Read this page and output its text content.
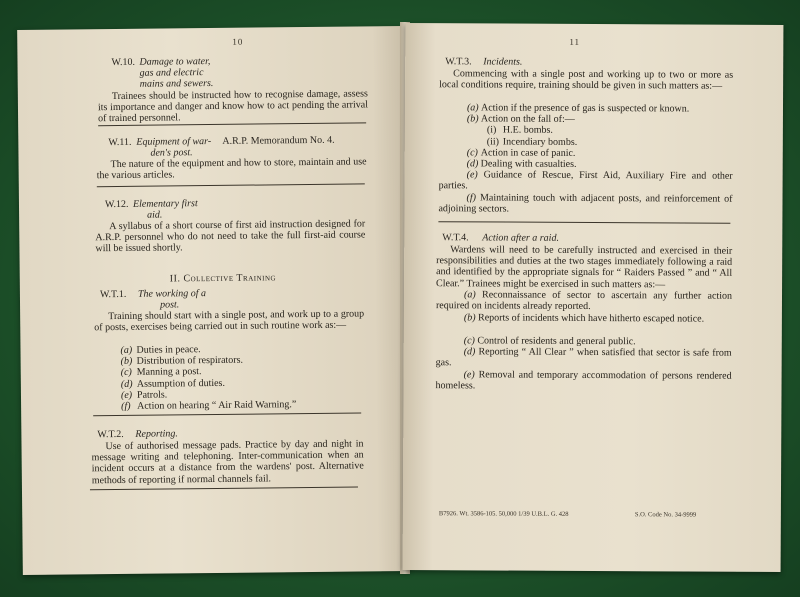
10
W.10. Damage to water,
gas and electric
mains and sewers.
Trainees should be instructed how to recognise damage, assess its importance and danger and know how to act pending the arrival of trained personnel.
W.11. Equipment of war-
den's post.
A.R.P. Memorandum No. 4.
The nature of the equipment and how to store, maintain and use the various articles.
W.12. Elementary first
aid.
A syllabus of a short course of first aid instruction designed for A.R.P. personnel who do not need to take the full first-aid course will be issued shortly.
II. Collective Training
W.T.1. The working of a
post.
Training should start with a single post, and work up to a group of posts, exercises being carried out in such routine work as:—
(a) Duties in peace.
(b) Distribution of respirators.
(c) Manning a post.
(d) Assumption of duties.
(e) Patrols.
(f) Action on hearing “ Air Raid Warning.”
W.T.2. Reporting.
Use of authorised message pads. Practice by day and night in message writing and telephoning. Inter-communication when an incident occurs at a distance from the wardens' post. Alternative methods of reporting if normal channels fail.
11
W.T.3. Incidents.
Commencing with a single post and working up to two or more as local conditions require, training should be given in such matters as:—
(a) Action if the presence of gas is suspected or known.
(b) Action on the fall of:—
(i) H.E. bombs.
(ii) Incendiary bombs.
(c) Action in case of panic.
(d) Dealing with casualties.
(e) Guidance of Rescue, First Aid, Auxiliary Fire and other parties.
(f) Maintaining touch with adjacent posts, and reinforcement of adjoining sectors.
W.T.4. Action after a raid.
Wardens will need to be carefully instructed and exercised in their responsibilities and duties at the two stages immediately following a raid and identified by the appropriate signals for “ Raiders Passed ” and “ All Clear.” Trainees might be exercised in such matters as:—
(a) Reconnaissance of sector to ascertain any further action required on incidents already reported.
(b) Reports of incidents which have hitherto escaped notice.
(c) Control of residents and general public.
(d) Reporting “ All Clear ” when satisfied that sector is safe from gas.
(e) Removal and temporary accommodation of persons rendered homeless.
B7926. Wt. 3586-105. 50,000 1/39 U.B.L. G. 428	S.O. Code No. 34-9999
